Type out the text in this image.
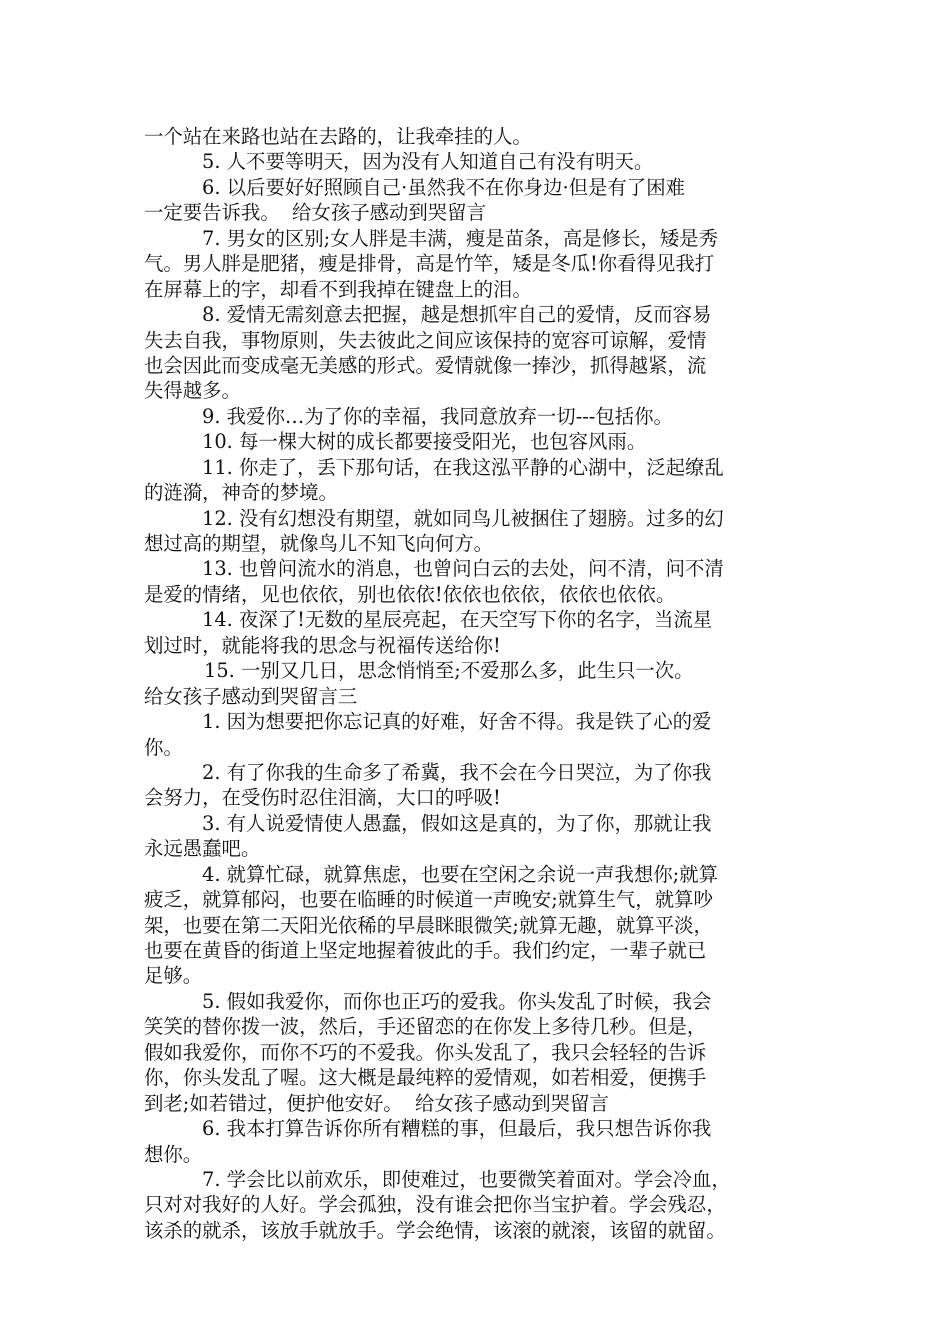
一个站在来路也站在去路的，让我牵挂的人。
5. 人不要等明天，因为没有人知道自己有没有明天。
6. 以后要好好照顾自己·虽然我不在你身边·但是有了困难
一定要告诉我。  给女孩子感动到哭留言
7. 男女的区别;女人胖是丰满，瘦是苗条，高是修长，矮是秀
气。男人胖是肥猪，瘦是排骨，高是竹竿，矮是冬瓜!你看得见我打
在屏幕上的字，却看不到我掉在键盘上的泪。
8. 爱情无需刻意去把握，越是想抓牢自己的爱情，反而容易
失去自我，事物原则，失去彼此之间应该保持的宽容可谅解，爱情
也会因此而变成毫无美感的形式。爱情就像一捧沙，抓得越紧，流
失得越多。
9. 我爱你…为了你的幸福，我同意放弃一切---包括你。
10. 每一棵大树的成长都要接受阳光，也包容风雨。
11. 你走了，丢下那句话，在我这泓平静的心湖中，泛起缭乱
的涟漪，神奇的梦境。
12. 没有幻想没有期望，就如同鸟儿被捆住了翅膀。过多的幻
想过高的期望，就像鸟儿不知飞向何方。
13. 也曾问流水的消息，也曾问白云的去处，问不清，问不清
是爱的情绪，见也依依，别也依依!依依也依依，依依也依依。
14. 夜深了!无数的星辰亮起，在天空写下你的名字，当流星
划过时，就能将我的思念与祝福传送给你!
15. 一别又几日，思念悄悄至;不爱那么多，此生只一次。
给女孩子感动到哭留言三
1. 因为想要把你忘记真的好难，好舍不得。我是铁了心的爱
你。
2. 有了你我的生命多了希冀，我不会在今日哭泣，为了你我
会努力，在受伤时忍住泪滴，大口的呼吸!
3. 有人说爱情使人愚蠢，假如这是真的，为了你，那就让我
永远愚蠢吧。
4. 就算忙碌，就算焦虑，也要在空闲之余说一声我想你;就算
疲乏，就算郁闷，也要在临睡的时候道一声晚安;就算生气，就算吵
架，也要在第二天阳光依稀的早晨眯眼微笑;就算无趣，就算平淡，
也要在黄昏的街道上坚定地握着彼此的手。我们约定，一辈子就已
足够。
5. 假如我爱你，而你也正巧的爱我。你头发乱了时候，我会
笑笑的替你拨一波，然后，手还留恋的在你发上多待几秒。但是，
假如我爱你，而你不巧的不爱我。你头发乱了，我只会轻轻的告诉
你，你头发乱了喔。这大概是最纯粹的爱情观，如若相爱，便携手
到老;如若错过，便护他安好。  给女孩子感动到哭留言
6. 我本打算告诉你所有糟糕的事，但最后，我只想告诉你我
想你。
7. 学会比以前欢乐，即使难过，也要微笑着面对。学会冷血，
只对对我好的人好。学会孤独，没有谁会把你当宝护着。学会残忍，
该杀的就杀，该放手就放手。学会绝情，该滚的就滚，该留的就留。
